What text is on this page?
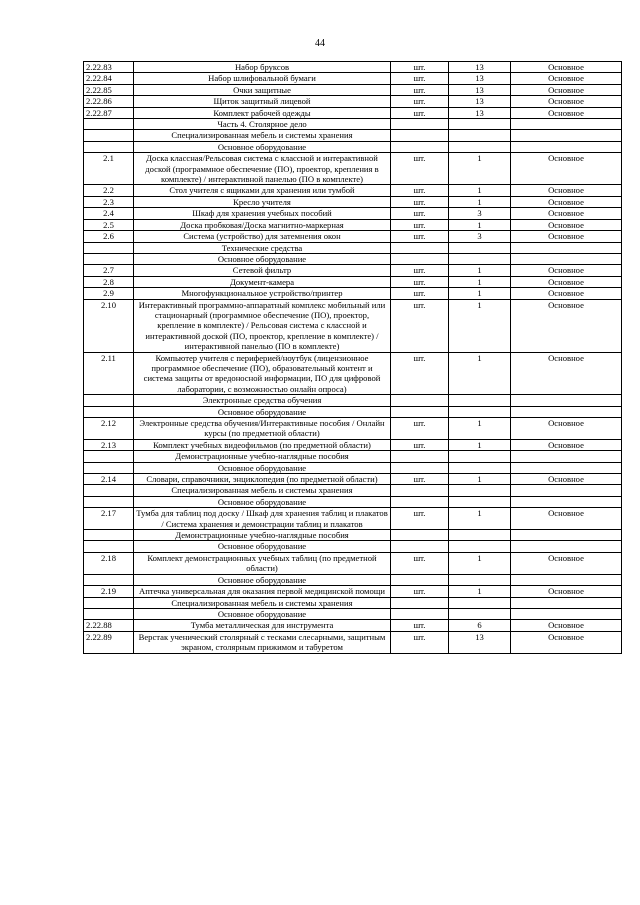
44
2.22.83	Набор бруксов	шт.	13	Основное
2.22.84	Набор шлифовальной бумаги	шт.	13	Основное
2.22.85	Очки защитные	шт.	13	Основное
2.22.86	Щиток защитный лицевой	шт.	13	Основное
2.22.87	Комплект рабочей одежды	шт.	13	Основное
	Часть 4. Столярное дело			
	Специализированная мебель и системы хранения			
	Основное оборудование			
2.1	Доска классная/Рельсовая система с классной и интерактивной доской (программное обеспечение (ПО), проектор, крепления в комплекте) / интерактивной панелью (ПО в комплекте)	шт.	1	Основное
2.2	Стол учителя с ящиками для хранения или тумбой	шт.	1	Основное
2.3	Кресло учителя	шт.	1	Основное
2.4	Шкаф для хранения учебных пособий	шт.	3	Основное
2.5	Доска пробковая/Доска магнитно-маркерная	шт.	1	Основное
2.6	Система (устройство) для затемнения окон	шт.	3	Основное
	Технические средства			
	Основное оборудование			
2.7	Сетевой фильтр	шт.	1	Основное
2.8	Документ-камера	шт.	1	Основное
2.9	Многофункциональное устройство/принтер	шт.	1	Основное
2.10	Интерактивный программно-аппаратный комплекс мобильный или стационарный (программное обеспечение (ПО), проектор, крепление в комплекте) / Рельсовая система с классной и интерактивной доской (ПО, проектор, крепление в комплекте) / интерактивной панелью (ПО в комплекте)	шт.	1	Основное
2.11	Компьютер учителя с периферией/ноутбук (лицензионное программное обеспечение (ПО), образовательный контент и система защиты от вредоносной информации, ПО для цифровой лаборатории, с возможностью онлайн опроса)	шт.	1	Основное
	Электронные средства обучения			
	Основное оборудование			
2.12	Электронные средства обучения/Интерактивные пособия / Онлайн курсы (по предметной области)	шт.	1	Основное
2.13	Комплект учебных видеофильмов (по предметной области)	шт.	1	Основное
	Демонстрационные учебно-наглядные пособия			
	Основное оборудование			
2.14	Словари, справочники, энциклопедия (по предметной области)	шт.	1	Основное
	Специализированная мебель и системы хранения			
	Основное оборудование			
2.17	Тумба для таблиц под доску / Шкаф для хранения таблиц и плакатов / Система хранения и демонстрации таблиц и плакатов	шт.	1	Основное
	Демонстрационные учебно-наглядные пособия			
	Основное оборудование			
2.18	Комплект демонстрационных учебных таблиц (по предметной области)	шт.	1	Основное
	Основное оборудование			
2.19	Аптечка универсальная для оказания первой медицинской помощи	шт.	1	Основное
	Специализированная мебель и системы хранения			
	Основное оборудование			
2.22.88	Тумба металлическая для инструмента	шт.	6	Основное
2.22.89	Верстак ученический столярный с тесками слесарными, защитным экраном, столярным прижимом и табуретом	шт.	13	Основное
